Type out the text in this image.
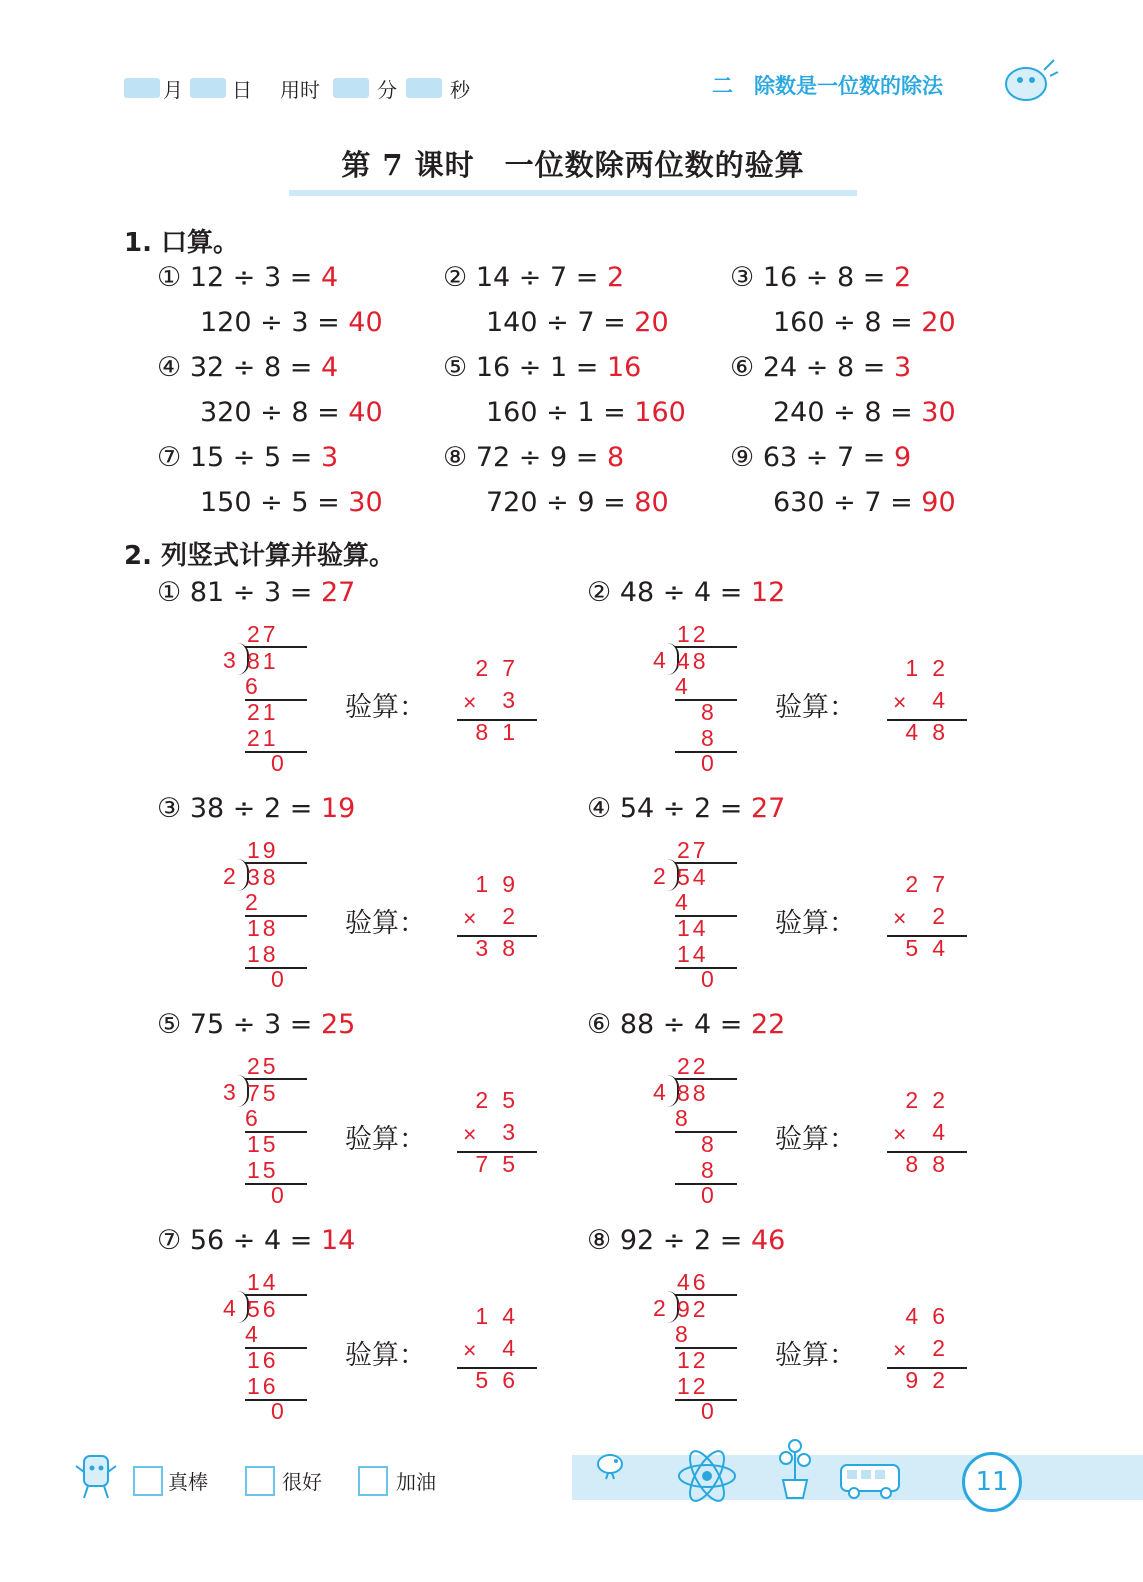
月 日 用时	分	秒	二　除数是一位数的除法
第 7 课时　一位数除两位数的验算
1. 口算。
① 12 ÷ 3 = 4
120 ÷ 3 = 40
② 14 ÷ 7 = 2
140 ÷ 7 = 20
③ 16 ÷ 8 = 2
160 ÷ 8 = 20
④ 32 ÷ 8 = 4
320 ÷ 8 = 40
⑤ 16 ÷ 1 = 16
160 ÷ 1 = 160
⑥ 24 ÷ 8 = 3
240 ÷ 8 = 30
⑦ 15 ÷ 5 = 3
150 ÷ 5 = 30
⑧ 72 ÷ 9 = 8
720 ÷ 9 = 80
⑨ 63 ÷ 7 = 9
630 ÷ 7 = 90
2. 列竖式计算并验算。
① 81 ÷ 3 = 27
3
27
81
6
21
21
0
验算：
27
× 3
81
② 48 ÷ 4 = 12
4
12
48
4
8
8
0
验算：
12
× 4
48
③ 38 ÷ 2 = 19
2
19
38
2
18
18
0
验算：
19
× 2
38
④ 54 ÷ 2 = 27
2
27
54
4
14
14
0
验算：
27
× 2
54
⑤ 75 ÷ 3 = 25
3
25
75
6
15
15
0
验算：
25
× 3
75
⑥ 88 ÷ 4 = 22
4
22
88
8
8
8
0
验算：
22
× 4
88
⑦ 56 ÷ 4 = 14
4
14
56
4
16
16
0
验算：
14
× 4
56
⑧ 92 ÷ 2 = 46
2
46
92
8
12
12
0
验算：
46
× 2
92
真棒	很好	加油	11
